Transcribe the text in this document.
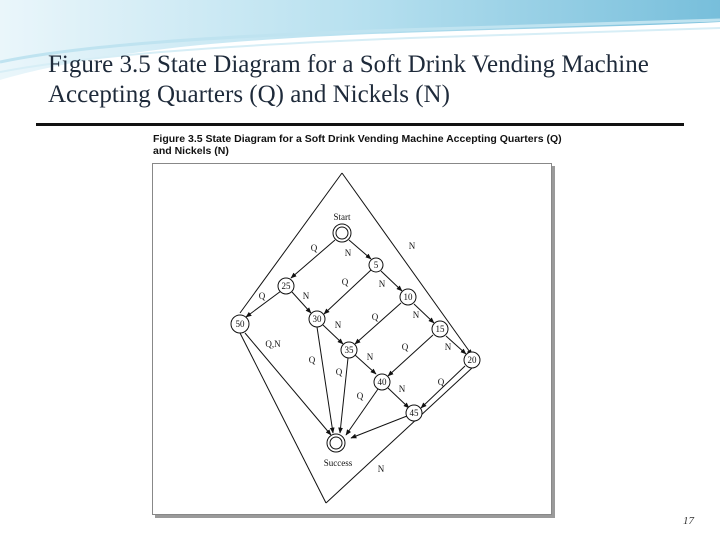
Figure 3.5 State Diagram for a Soft Drink Vending Machine Accepting Quarters (Q) and Nickels (N)
Figure 3.5 State Diagram for a Soft Drink Vending Machine Accepting Quarters (Q) and Nickels (N)
Start
5
10
15
20
25
30
35
40
45
50
Success
Q	N
N
Q	N
Q	N
Q	N
Q
Q	N
N
Q	N
Q
N
Q
Q,N
N
17
